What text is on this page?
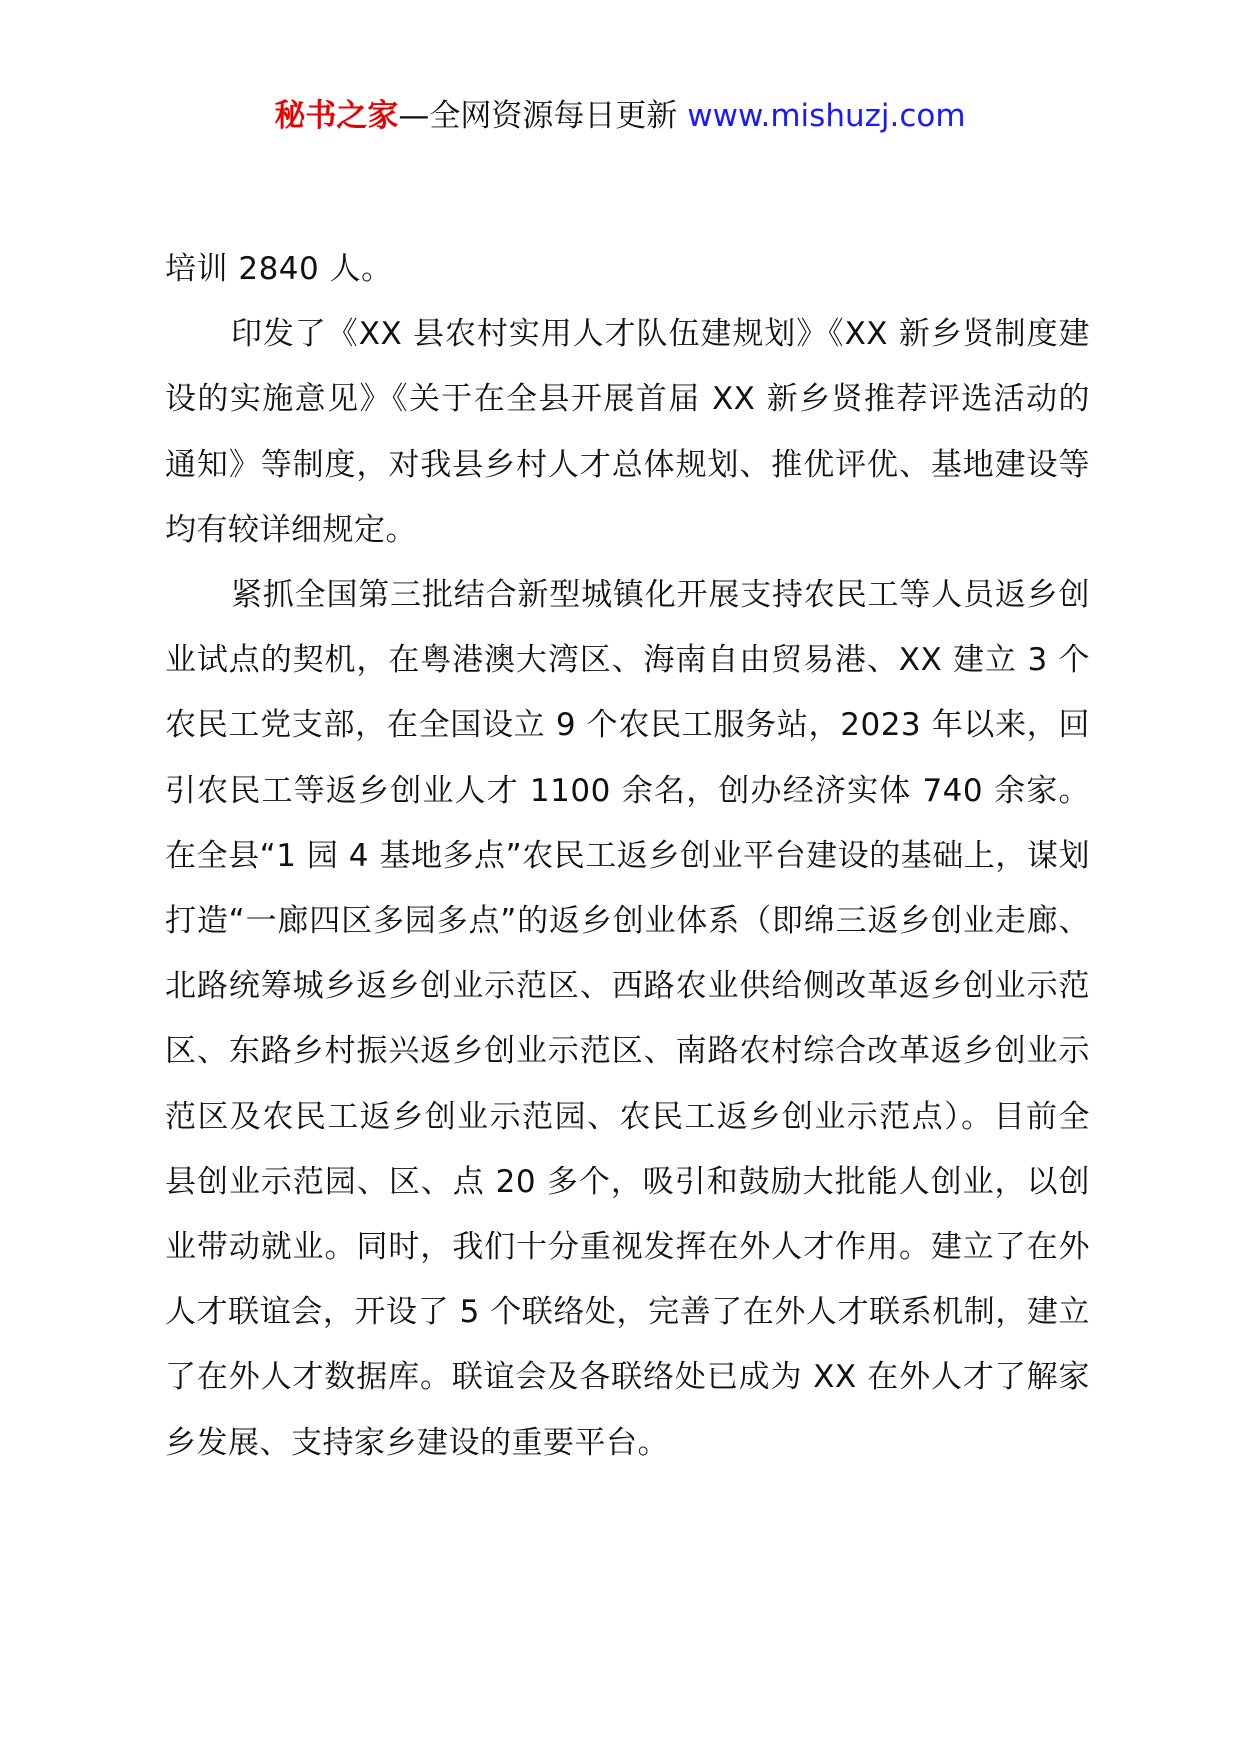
秘书之家—全网资源每日更新 www.mishuzj.com

培训 2840 人。

印发了《XX 县农村实用人才队伍建规划》《XX 新乡贤制度建设的实施意见》《关于在全县开展首届 XX 新乡贤推荐评选活动的通知》等制度，对我县乡村人才总体规划、推优评优、基地建设等均有较详细规定。

紧抓全国第三批结合新型城镇化开展支持农民工等人员返乡创业试点的契机，在粤港澳大湾区、海南自由贸易港、XX 建立 3 个农民工党支部，在全国设立 9 个农民工服务站，2023 年以来，回引农民工等返乡创业人才 1100 余名，创办经济实体 740 余家。在全县“1 园 4 基地多点”农民工返乡创业平台建设的基础上，谋划打造“一廊四区多园多点”的返乡创业体系（即绵三返乡创业走廊、北路统筹城乡返乡创业示范区、西路农业供给侧改革返乡创业示范区、东路乡村振兴返乡创业示范区、南路农村综合改革返乡创业示范区及农民工返乡创业示范园、农民工返乡创业示范点）。目前全县创业示范园、区、点 20 多个，吸引和鼓励大批能人创业，以创业带动就业。同时，我们十分重视发挥在外人才作用。建立了在外人才联谊会，开设了 5 个联络处，完善了在外人才联系机制，建立了在外人才数据库。联谊会及各联络处已成为 XX 在外人才了解家乡发展、支持家乡建设的重要平台。
